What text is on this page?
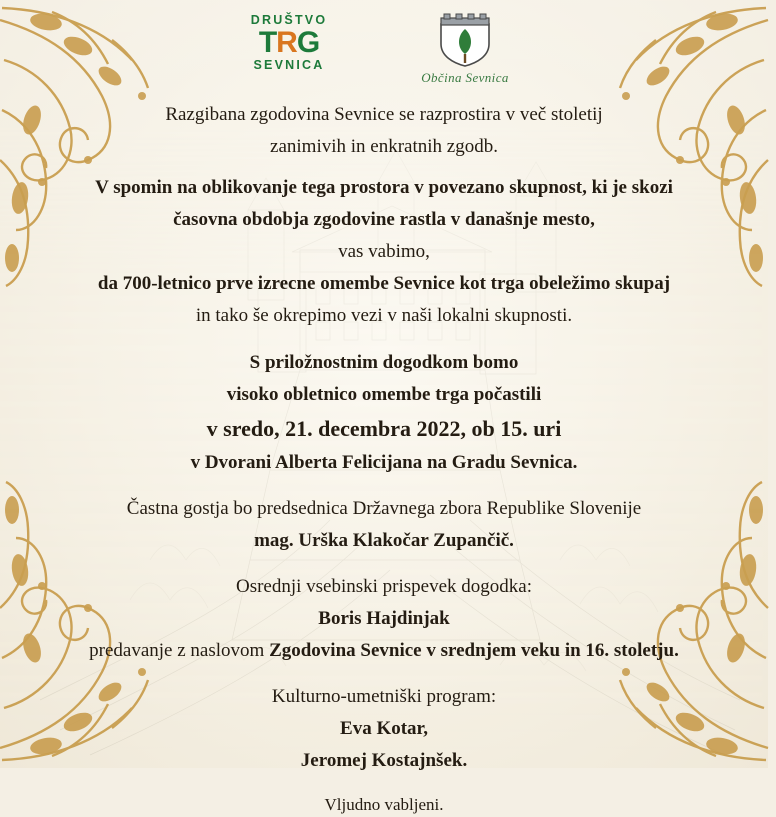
DRUŠTVO
TRG
SEVNICA
Občina Sevnica

Razgibana zgodovina Sevnice se razprostira v več stoletij

zanimivih in enkratnih zgodb.

V spomin na oblikovanje tega prostora v povezano skupnost, ki je skozi

časovna obdobja zgodovine rastla v današnje mesto,

vas vabimo,

da 700-letnico prve izrecne omembe Sevnice kot trga obeležimo skupaj

in tako še okrepimo vezi v naši lokalni skupnosti.

S priložnostnim dogodkom bomo

visoko obletnico omembe trga počastili

v sredo, 21. decembra 2022, ob 15. uri

v Dvorani Alberta Felicijana na Gradu Sevnica.

Častna gostja bo predsednica Državnega zbora Republike Slovenije

mag. Urška Klakočar Zupančič.

Osrednji vsebinski prispevek dogodka:

Boris Hajdinjak

predavanje z naslovom Zgodovina Sevnice v srednjem veku in 16. stoletju.

Kulturno-umetniški program:

Eva Kotar,

Jeromej Kostajnšek.

Vljudno vabljeni.
